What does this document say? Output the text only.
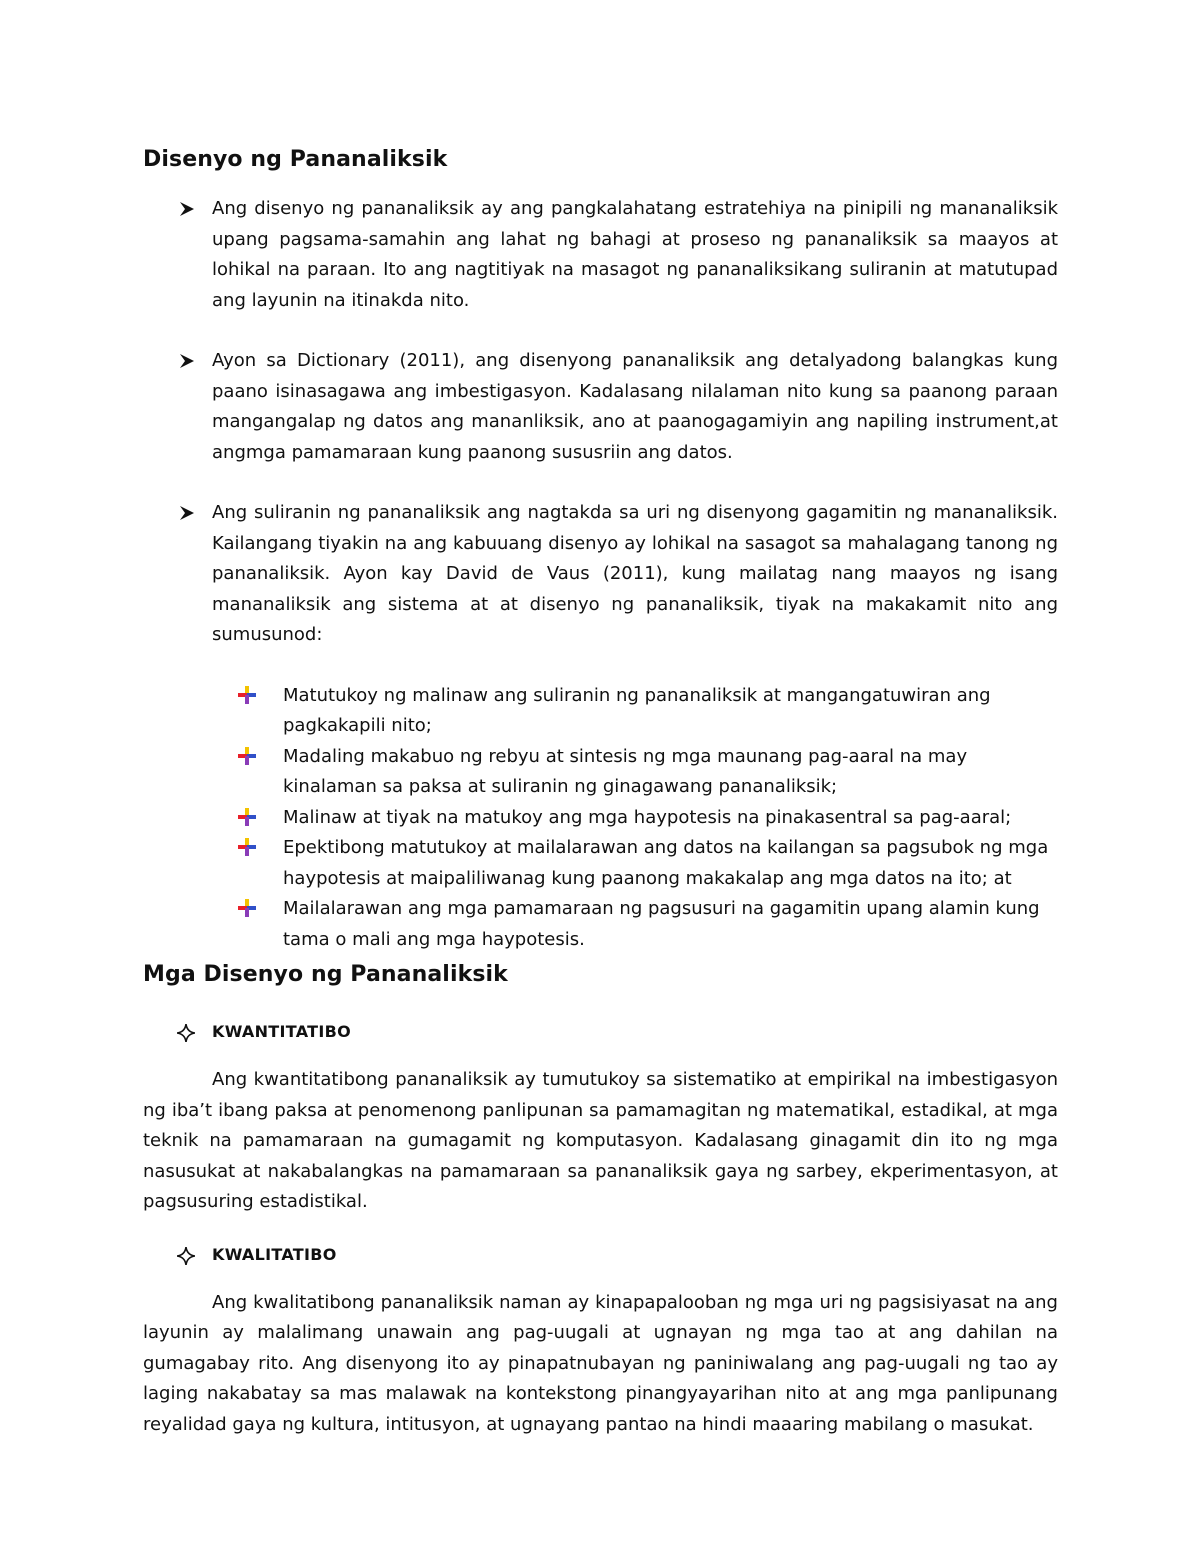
Disenyo ng Pananaliksik
Ang disenyo ng pananaliksik ay ang pangkalahatang estratehiya na pinipili ng mananaliksik upang pagsama-samahin ang lahat ng bahagi at proseso ng pananaliksik sa maayos at lohikal na paraan. Ito ang nagtitiyak na masagot ng pananaliksikang suliranin at matutupad ang layunin na itinakda nito.
Ayon sa Dictionary (2011), ang disenyong pananaliksik ang detalyadong balangkas kung paano isinasagawa ang imbestigasyon. Kadalasang nilalaman nito kung sa paanong paraan mangangalap ng datos ang mananliksik, ano at paanogagamiyin ang napiling instrument,at angmga pamamaraan kung paanong sususriin ang datos.
Ang suliranin ng pananaliksik ang nagtakda sa uri ng disenyong gagamitin ng mananaliksik. Kailangang tiyakin na ang kabuuang disenyo ay lohikal na sasagot sa mahalagang tanong ng pananaliksik. Ayon kay David de Vaus (2011), kung mailatag nang maayos ng isang mananaliksik ang sistema at at disenyo ng pananaliksik, tiyak na makakamit nito ang sumusunod:
Matutukoy ng malinaw ang suliranin ng pananaliksik at mangangatuwiran ang pagkakapili nito;
Madaling makabuo ng rebyu at sintesis ng mga maunang pag-aaral na may kinalaman sa paksa at suliranin ng ginagawang pananaliksik;
Malinaw at tiyak na matukoy ang mga haypotesis na pinakasentral sa pag-aaral;
Epektibong matutukoy at mailalarawan ang datos na kailangan sa pagsubok ng mga haypotesis at maipaliliwanag kung paanong makakalap ang mga datos na ito; at
Mailalarawan ang mga pamamaraan ng pagsusuri na gagamitin upang alamin kung tama o mali ang mga haypotesis.
Mga Disenyo ng Pananaliksik
KWANTITATIBO

Ang kwantitatibong pananaliksik ay tumutukoy sa sistematiko at empirikal na imbestigasyon ng iba’t ibang paksa at penomenong panlipunan sa pamamagitan ng matematikal, estadikal, at mga teknik na pamamaraan na gumagamit ng komputasyon. Kadalasang ginagamit din ito ng mga nasusukat at nakabalangkas na pamamaraan sa pananaliksik gaya ng sarbey, ekperimentasyon, at pagsusuring estadistikal.

KWALITATIBO

Ang kwalitatibong pananaliksik naman ay kinapapalooban ng mga uri ng pagsisiyasat na ang layunin ay malalimang unawain ang pag-uugali at ugnayan ng mga tao at ang dahilan na gumagabay rito. Ang disenyong ito ay pinapatnubayan ng paniniwalang ang pag-uugali ng tao ay laging nakabatay sa mas malawak na kontekstong pinangyayarihan nito at ang mga panlipunang reyalidad gaya ng kultura, intitusyon, at ugnayang pantao na hindi maaaring mabilang o masukat.
